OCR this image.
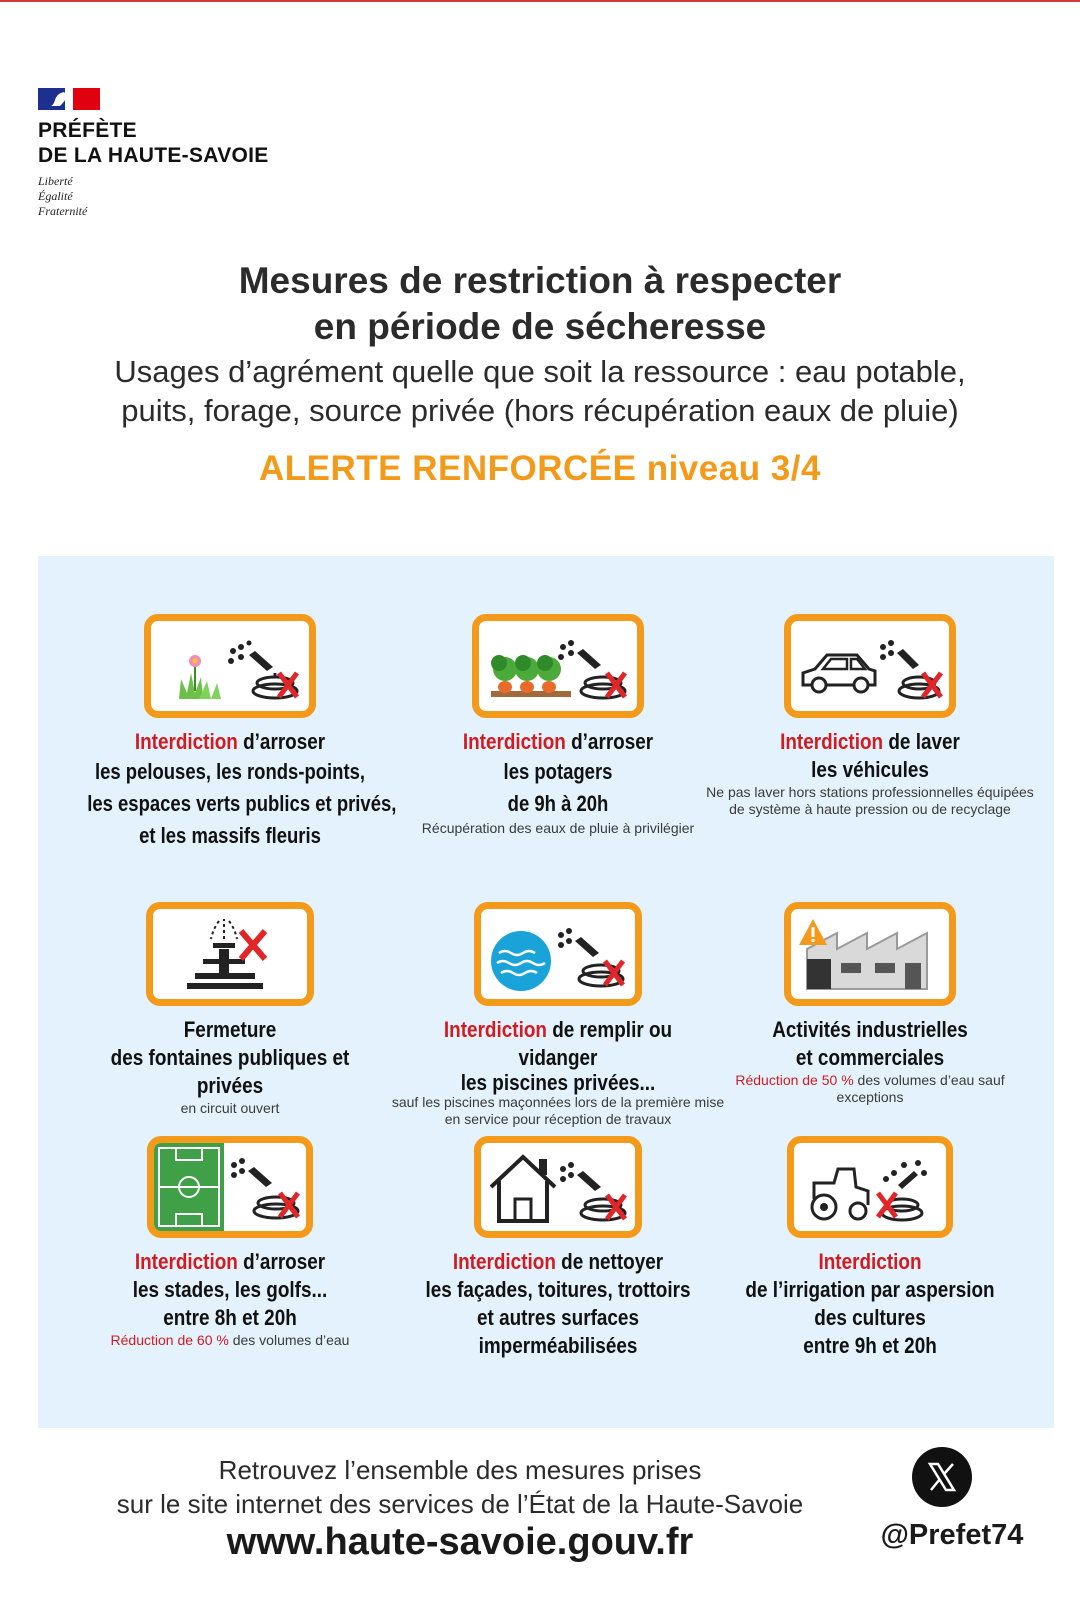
PRÉFÈTE
DE LA HAUTE-SAVOIE
Liberté
Égalité
Fraternité
Mesures de restriction à respecter
en période de sécheresse
Usages d’agrément quelle que soit la ressource : eau potable,
puits, forage, source privée (hors récupération eaux de pluie)
ALERTE RENFORCÉE niveau 3/4
Interdiction d’arroser
les pelouses, les ronds-points,
les espaces verts publics et privés,
et les massifs fleuris
Interdiction d’arroser
les potagers
de 9h à 20h
Récupération des eaux de pluie à privilégier
Interdiction de laver
les véhicules
Ne pas laver hors stations professionnelles équipées de système à haute pression ou de recyclage
Fermeture
des fontaines publiques et privées
en circuit ouvert
Interdiction de remplir ou vidanger
les piscines privées...
sauf les piscines maçonnées lors de la première mise en service pour réception de travaux
Activités industrielles
et commerciales
Réduction de 50 % des volumes d’eau sauf exceptions
Interdiction d’arroser
les stades, les golfs...
entre 8h et 20h
Réduction de 60 % des volumes d’eau
Interdiction de nettoyer
les façades, toitures, trottoirs
et autres surfaces imperméabilisées
Interdiction
de l’irrigation par aspersion
des cultures
entre 9h et 20h
Retrouvez l’ensemble des mesures prises
sur le site internet des services de l’État de la Haute-Savoie
www.haute-savoie.gouv.fr	@Prefet74
